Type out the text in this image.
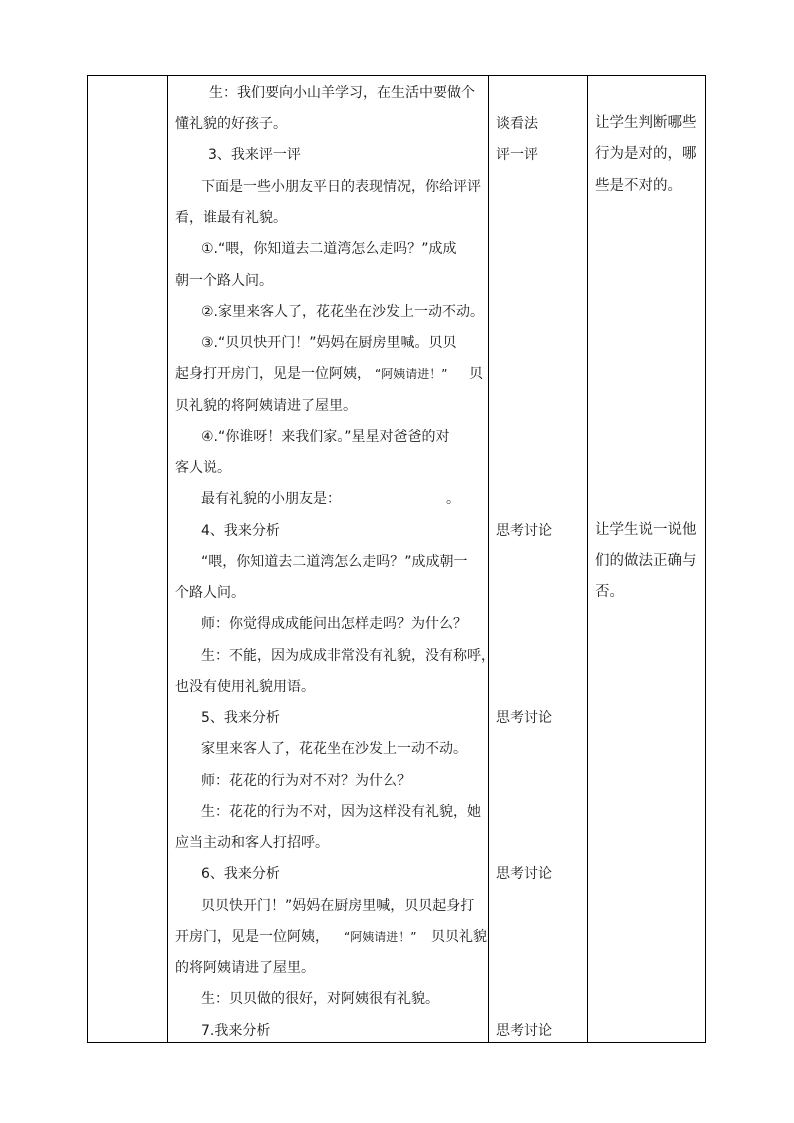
生：我们要向小山羊学习，在生活中要做个
懂礼貌的好孩子。
3、我来评一评
下面是一些小朋友平日的表现情况，你给评评
看，谁最有礼貌。
①.“喂，你知道去二道湾怎么走吗？”成成
朝一个路人问。
②.家里来客人了，花花坐在沙发上一动不动。
③.“贝贝快开门！”妈妈在厨房里喊。贝贝
起身打开房门，见是一位阿姨， “阿姨请进！” 贝
贝礼貌的将阿姨请进了屋里。
④.“你谁呀！来我们家。”星星对爸爸的对
客人说。
最有礼貌的小朋友是：	。
4、我来分析
“喂，你知道去二道湾怎么走吗？”成成朝一
个路人问。
师：你觉得成成能问出怎样走吗？为什么？
生：不能，因为成成非常没有礼貌，没有称呼，
也没有使用礼貌用语。
5、我来分析
家里来客人了，花花坐在沙发上一动不动。
师：花花的行为对不对？为什么？
生：花花的行为不对，因为这样没有礼貌，她
应当主动和客人打招呼。
6、我来分析
贝贝快开门！”妈妈在厨房里喊，贝贝起身打
开房门，见是一位阿姨， “阿姨请进！” 贝贝礼貌
的将阿姨请进了屋里。
生：贝贝做的很好，对阿姨很有礼貌。
7.我来分析
谈看法
评一评
思考讨论
思考讨论
思考讨论
思考讨论
让学生判断哪些
行为是对的，哪
些是不对的。
让学生说一说他
们的做法正确与
否。
